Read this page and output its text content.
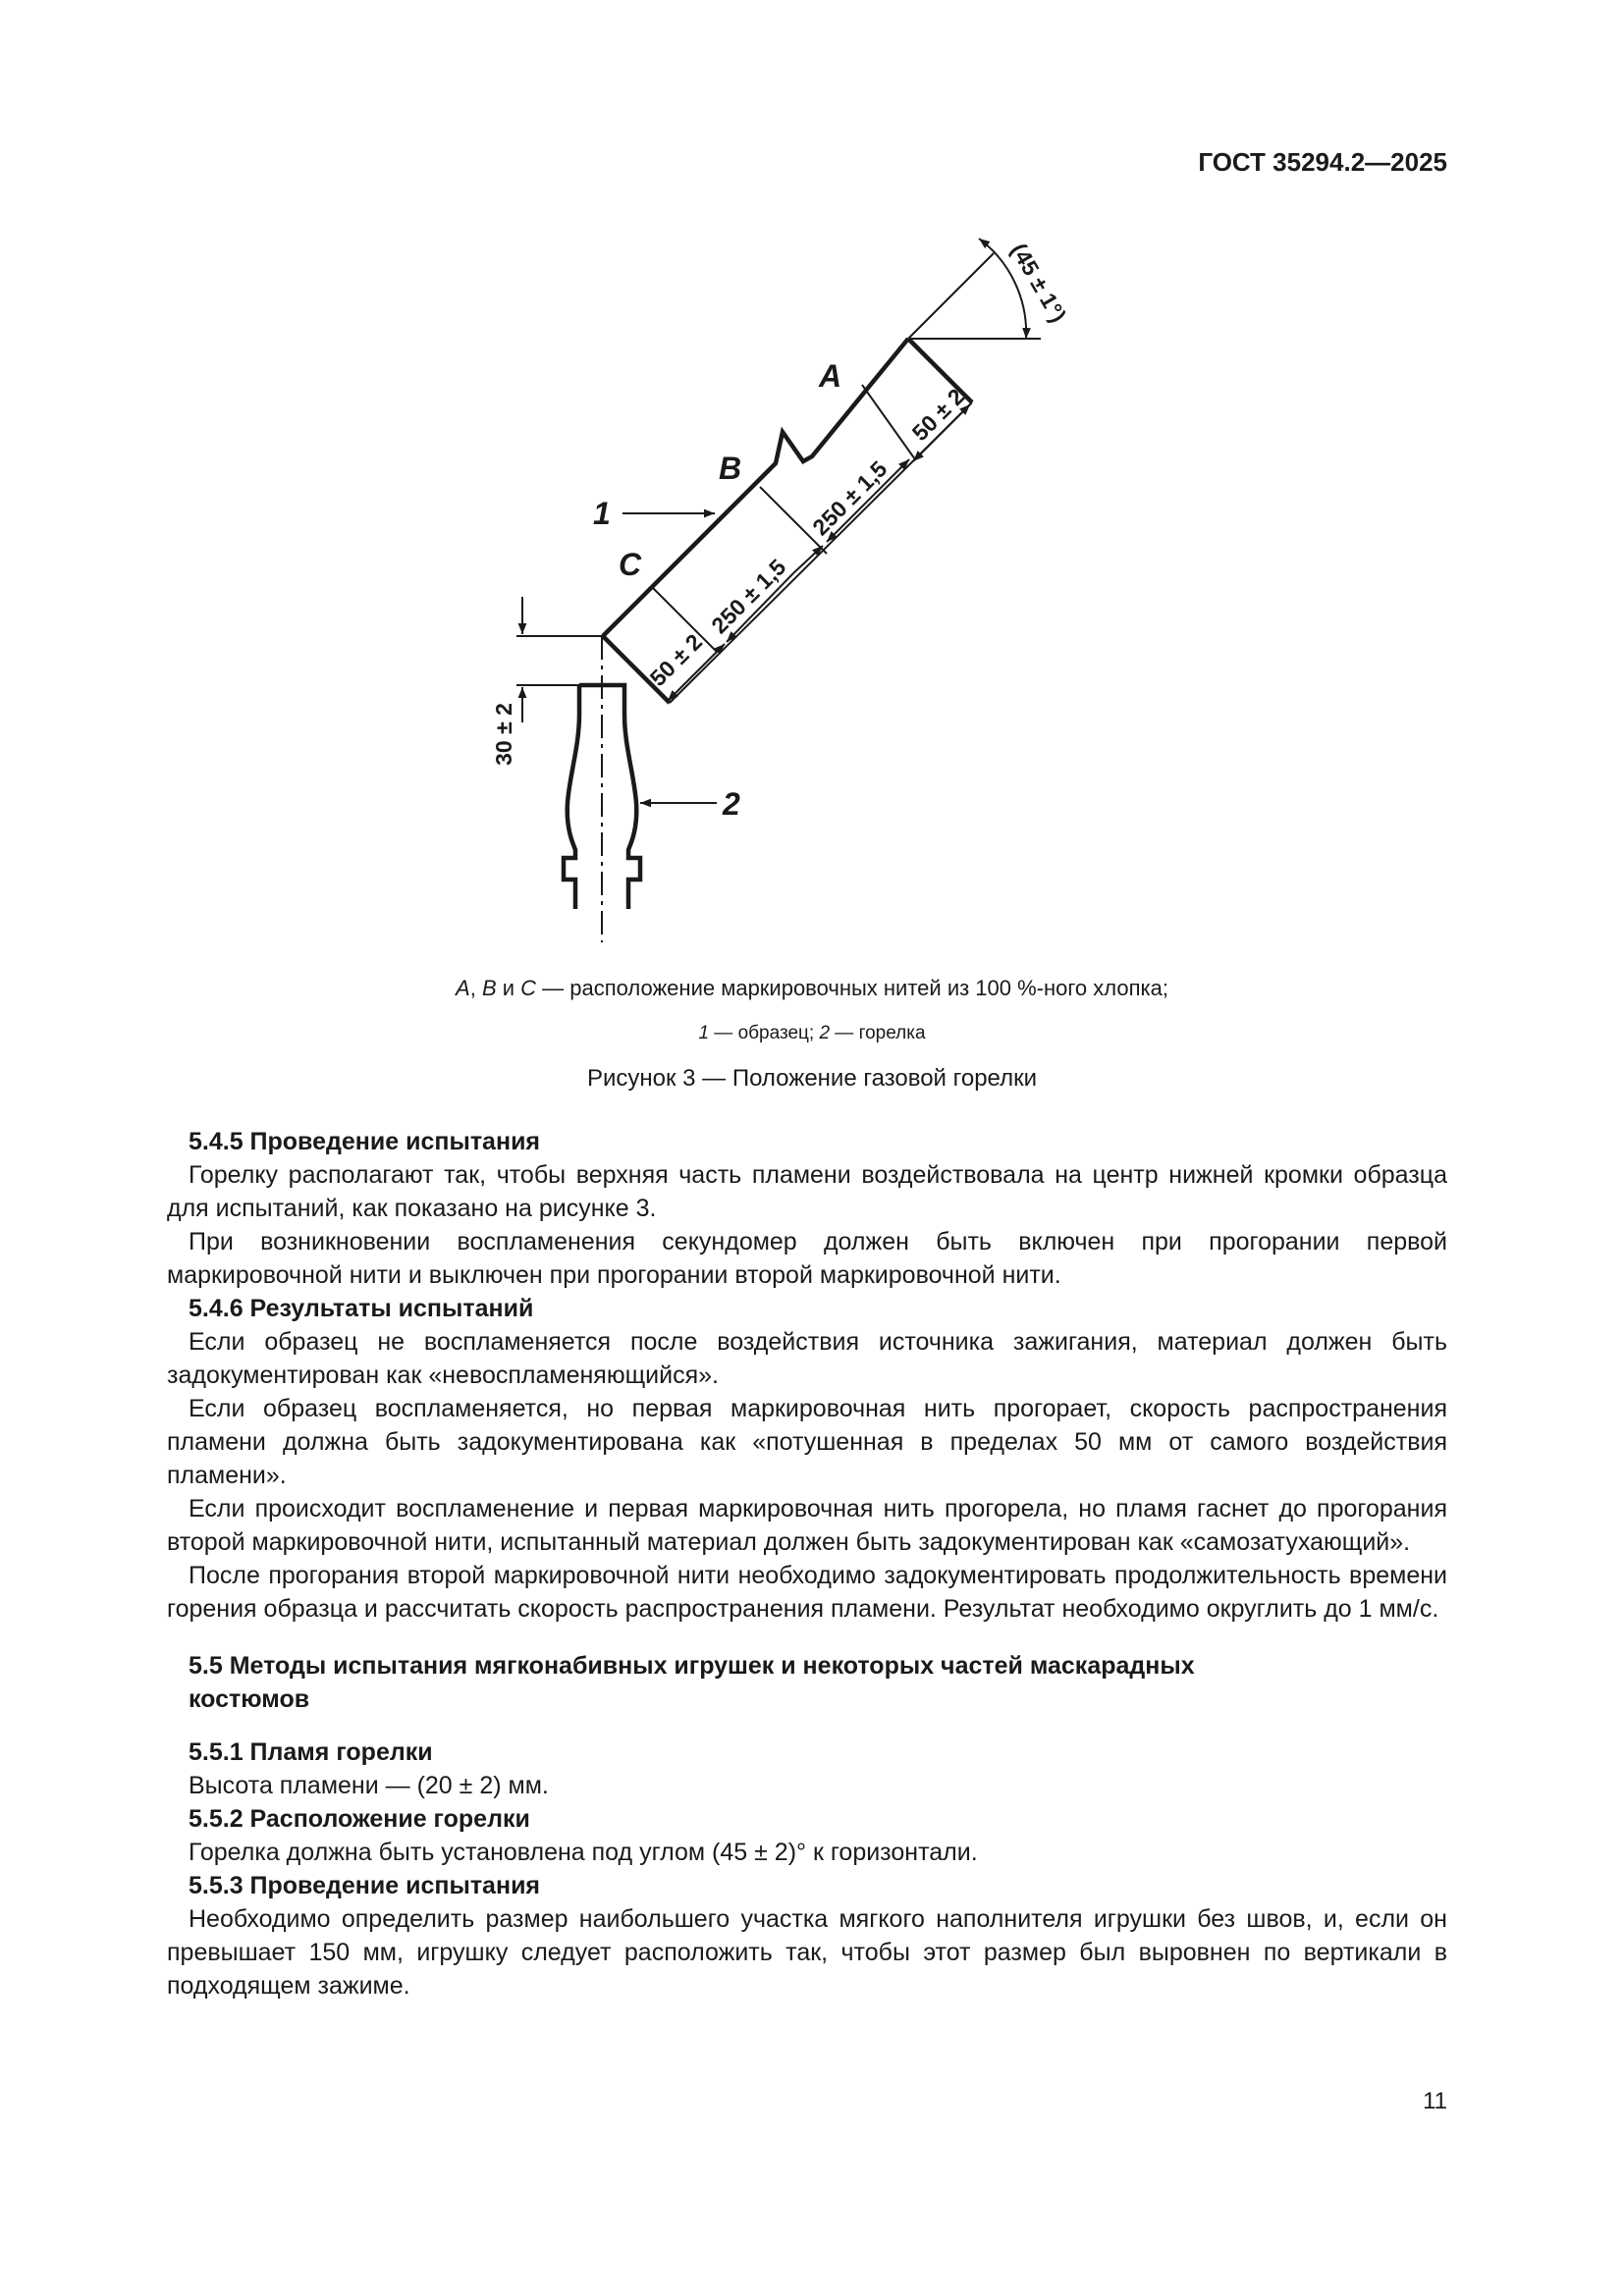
ГОСТ 35294.2—2025
A
B
C
1
2
50 ± 2
250 ± 1,5
250 ± 1,5
50 ± 2
(45 ± 1°)
30 ± 2
A, B и C — расположение маркировочных нитей из 100 %-ного хлопка;
1 — образец; 2 — горелка
Рисунок 3 — Положение газовой горелки
5.4.5 Проведение испытания

Горелку располагают так, чтобы верхняя часть пламени воздействовала на центр нижней кромки образца для испытаний, как показано на рисунке 3.

При возникновении воспламенения секундомер должен быть включен при прогорании первой маркировочной нити и выключен при прогорании второй маркировочной нити.

5.4.6 Результаты испытаний

Если образец не воспламеняется после воздействия источника зажигания, материал должен быть задокументирован как «невоспламеняющийся».

Если образец воспламеняется, но первая маркировочная нить прогорает, скорость распространения пламени должна быть задокументирована как «потушенная в пределах 50 мм от самого воздействия пламени».

Если происходит воспламенение и первая маркировочная нить прогорела, но пламя гаснет до прогорания второй маркировочной нити, испытанный материал должен быть задокументирован как «самозатухающий».

После прогорания второй маркировочной нити необходимо задокументировать продолжительность времени горения образца и рассчитать скорость распространения пламени. Результат необходимо округлить до 1 мм/с.

5.5 Методы испытания мягконабивных игрушек и некоторых частей маскарадных костюмов
5.5.1 Пламя горелки

Высота пламени — (20 ± 2) мм.

5.5.2 Расположение горелки

Горелка должна быть установлена под углом (45 ± 2)° к горизонтали.

5.5.3 Проведение испытания

Необходимо определить размер наибольшего участка мягкого наполнителя игрушки без швов, и, если он превышает 150 мм, игрушку следует расположить так, чтобы этот размер был выровнен по вертикали в подходящем зажиме.

11
